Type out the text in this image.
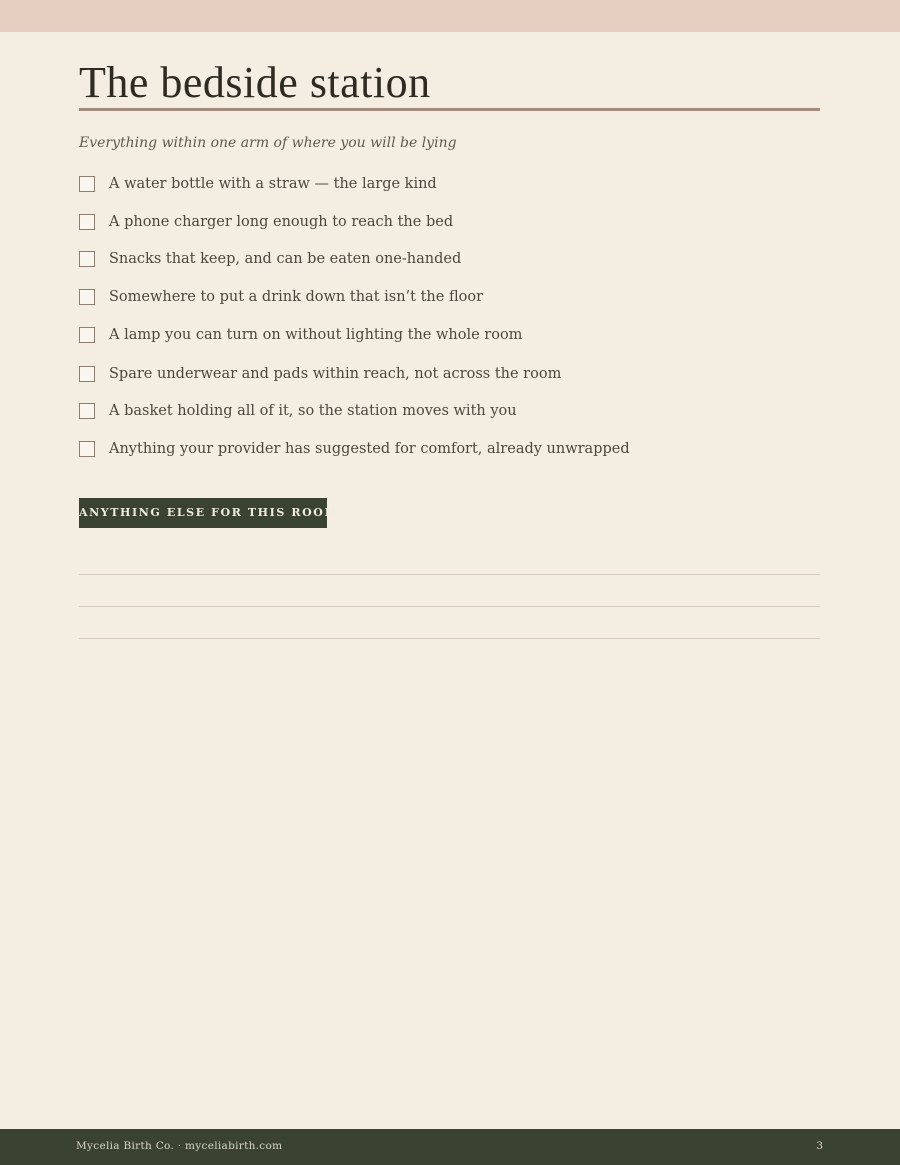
The bedside station

Everything within one arm of where you will be lying

A water bottle with a straw — the large kind
A phone charger long enough to reach the bed
Snacks that keep, and can be eaten one-handed
Somewhere to put a drink down that isn’t the floor
A lamp you can turn on without lighting the whole room
Spare underwear and pads within reach, not across the room
A basket holding all of it, so the station moves with you
Anything your provider has suggested for comfort, already unwrapped
ANYTHING ELSE FOR THIS ROOM
Mycelia Birth Co. · myceliabirth.com	3
